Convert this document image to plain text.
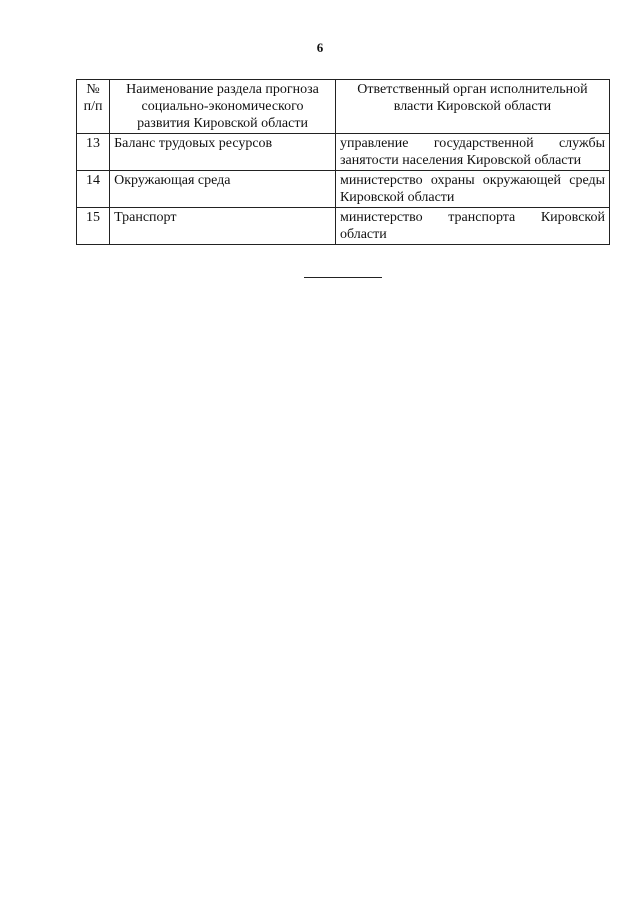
6
№ п/п	Наименование раздела прогноза социально-экономического развития Кировской области	Ответственный орган исполнительной власти Кировской области
13	Баланс трудовых ресурсов	управление государственной службы занятости населения Кировской области
14	Окружающая среда	министерство охраны окружающей среды Кировской области
15	Транспорт	министерство транспорта Кировской области
